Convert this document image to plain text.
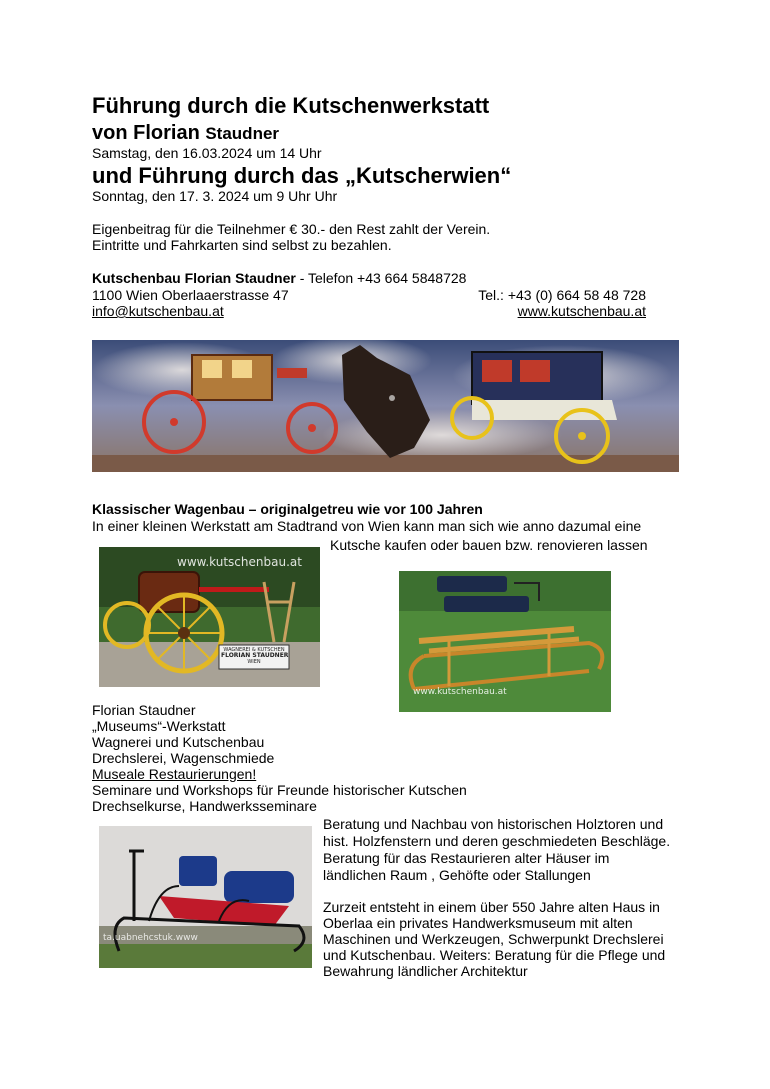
Führung durch die Kutschenwerkstatt
von Florian Staudner
Samstag, den 16.03.2024 um 14 Uhr
und Führung durch das „Kutscherwien“
Sonntag, den 17. 3. 2024 um 9 Uhr Uhr
Eigenbeitrag für die Teilnehmer € 30.- den Rest zahlt der Verein.
Eintritte und Fahrkarten sind selbst zu bezahlen.
Kutschenbau Florian Staudner - Telefon +43 664 5848728
1100 Wien Oberlaaerstrasse 47	Tel.: +43 (0) 664 58 48 728
info@kutschenbau.at	www.kutschenbau.at
Klassischer Wagenbau – originalgetreu wie vor 100 Jahren
In einer kleinen Werkstatt am Stadtrand von Wien kann man sich wie anno dazumal eine
Kutsche kaufen oder bauen bzw. renovieren lassen
www.kutschenbau.at
WAGNEREI & KUTSCHEN
FLORIAN STAUDNER
WIEN
www.kutschenbau.at
Florian Staudner
„Museums“-Werkstatt
Wagnerei und Kutschenbau
Drechslerei, Wagenschmiede
Museale Restaurierungen!
Seminare und Workshops für Freunde historischer Kutschen
Drechselkurse, Handwerksseminare
ta.uabnehcstuk.www
Beratung und Nachbau von historischen Holztoren und
hist. Holzfenstern und deren geschmiedeten Beschläge.
Beratung für das Restaurieren alter Häuser im
ländlichen Raum , Gehöfte oder Stallungen
Zurzeit entsteht in einem über 550 Jahre alten Haus in
Oberlaa ein privates Handwerksmuseum mit alten
Maschinen und Werkzeugen, Schwerpunkt Drechslerei
und Kutschenbau. Weiters: Beratung für die Pflege und
Bewahrung ländlicher Architektur
